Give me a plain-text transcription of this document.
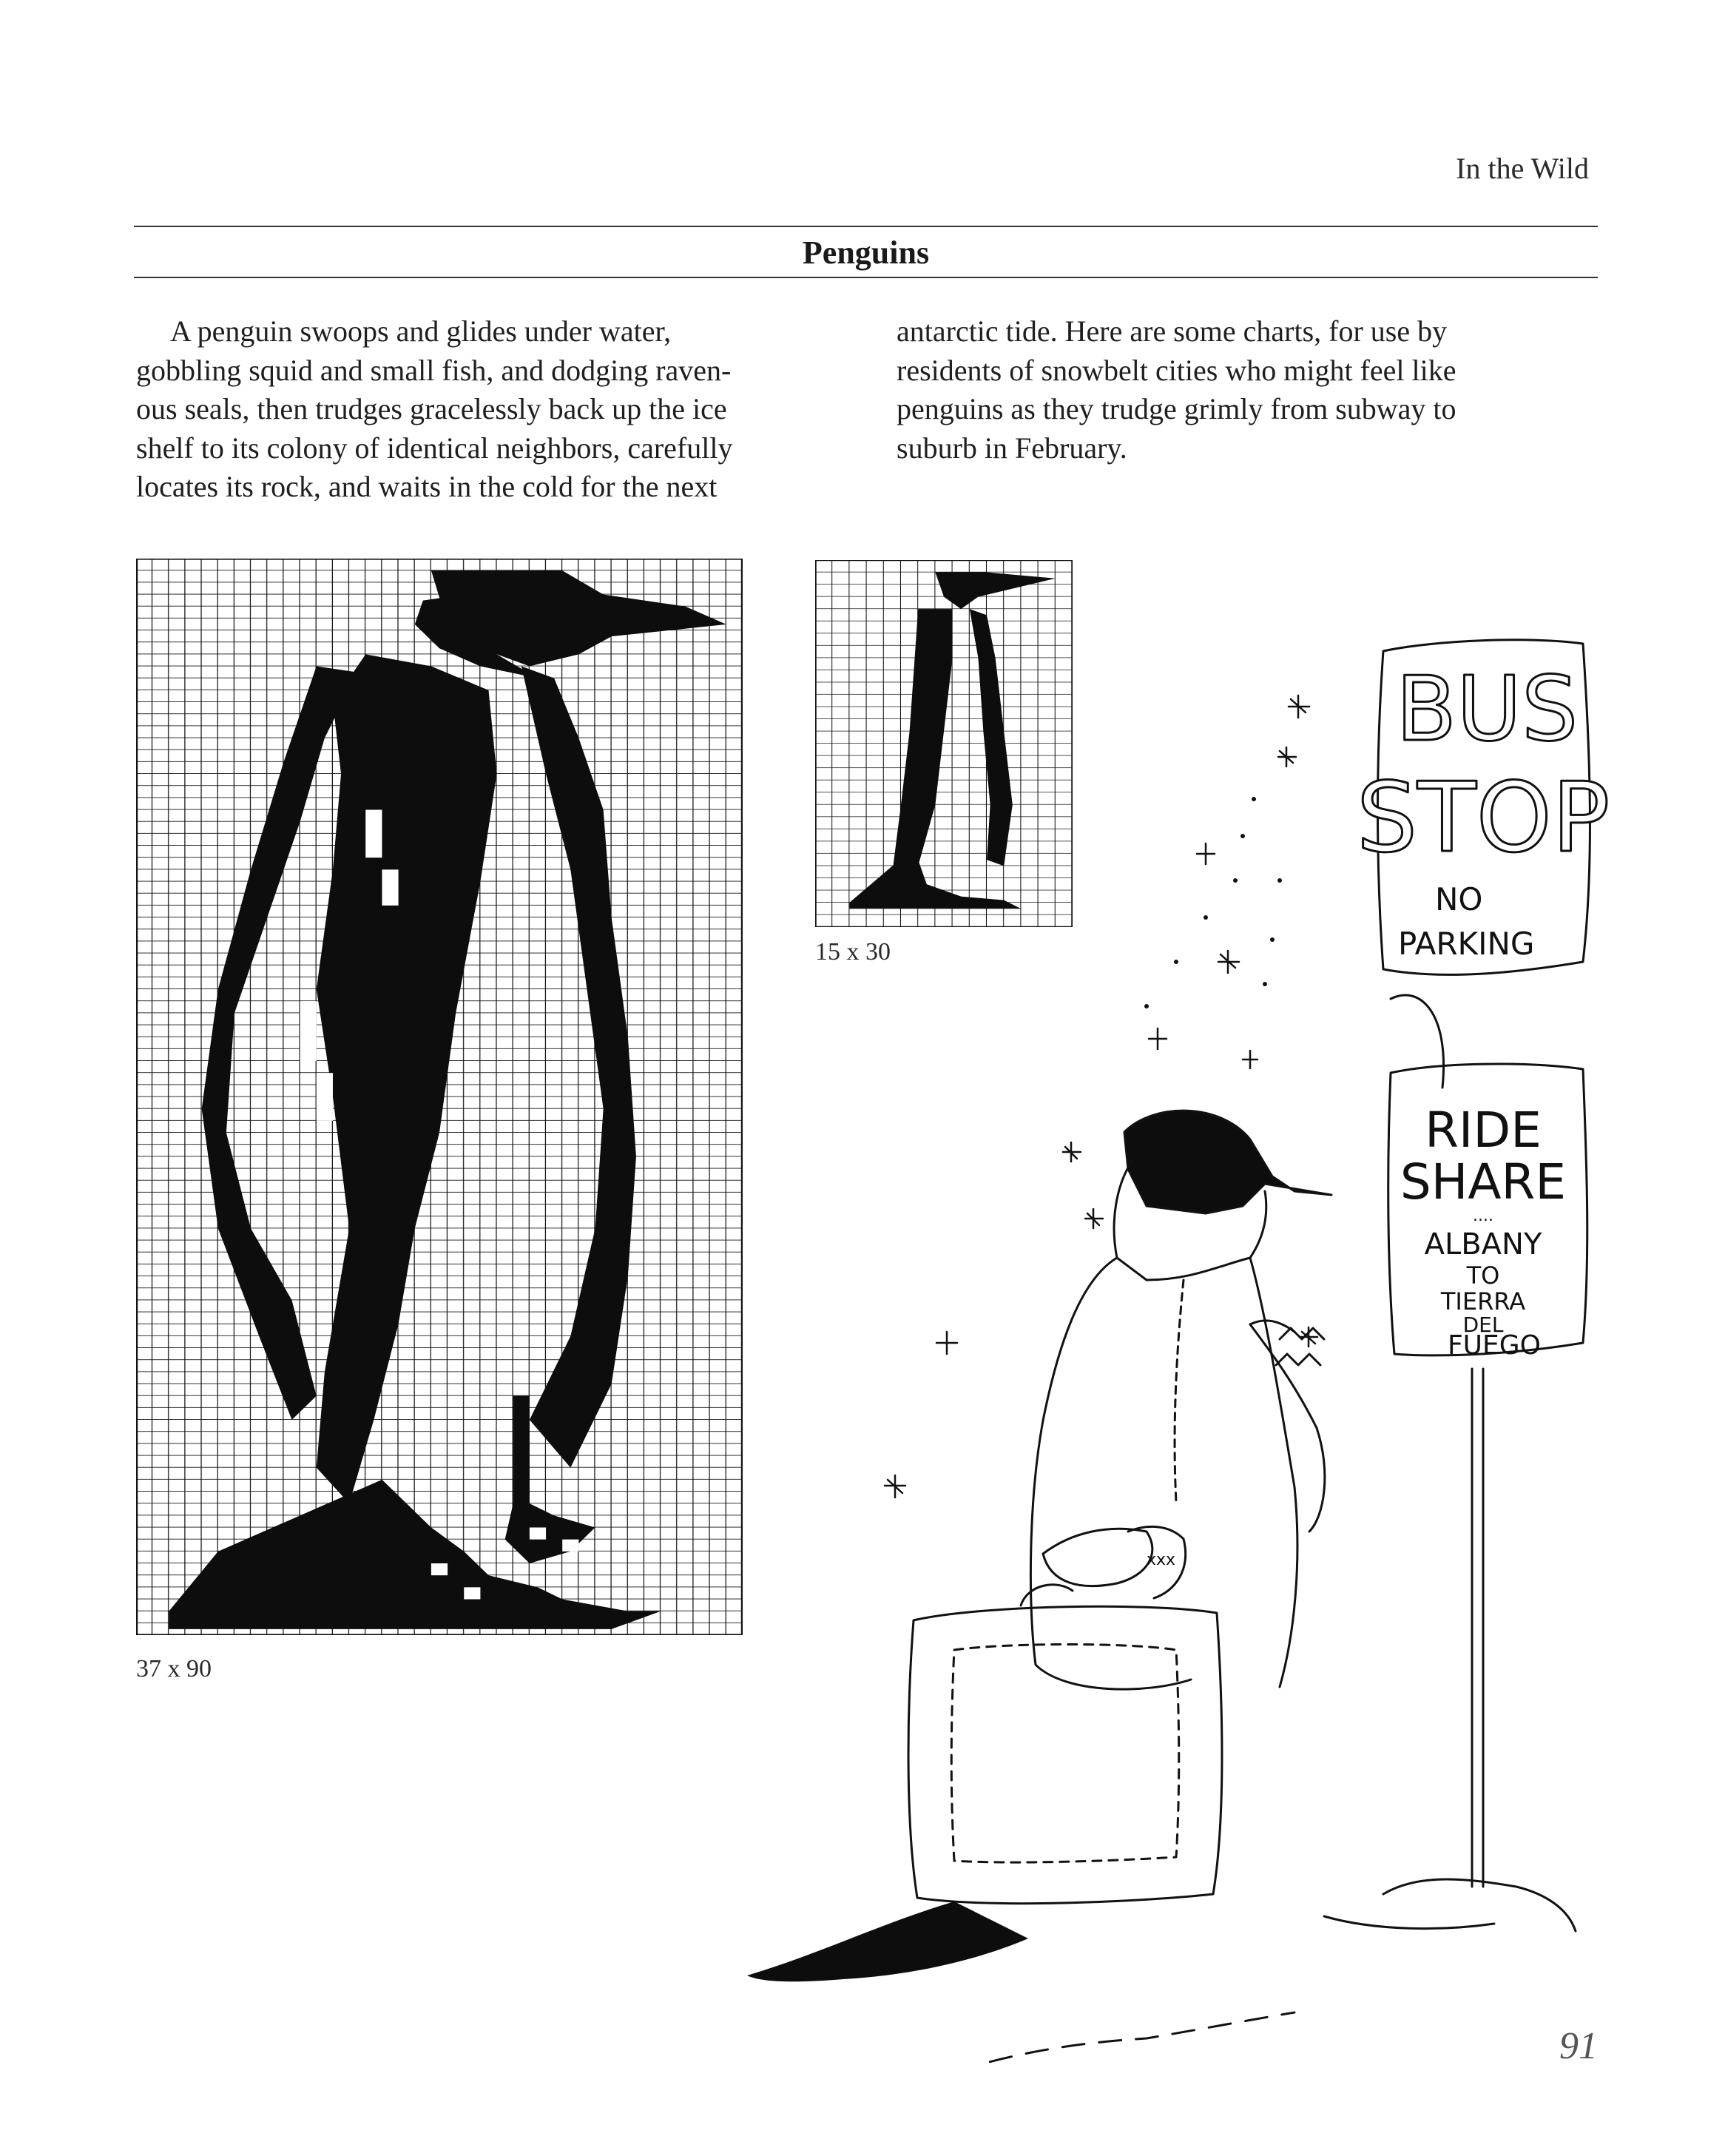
In the Wild
Penguins
A penguin swoops and glides under water,
gobbling squid and small fish, and dodging raven-
ous seals, then trudges gracelessly back up the ice
shelf to its colony of identical neighbors, carefully
locates its rock, and waits in the cold for the next
antarctic tide. Here are some charts, for use by
residents of snowbelt cities who might feel like
penguins as they trudge grimly from subway to
suburb in February.
37 x 90
15 x 30
BUS
STOP
NO
PARKING
RIDE
SHARE
....
ALBANY
TO
TIERRA
DEL
FUEGO
xxx
91
